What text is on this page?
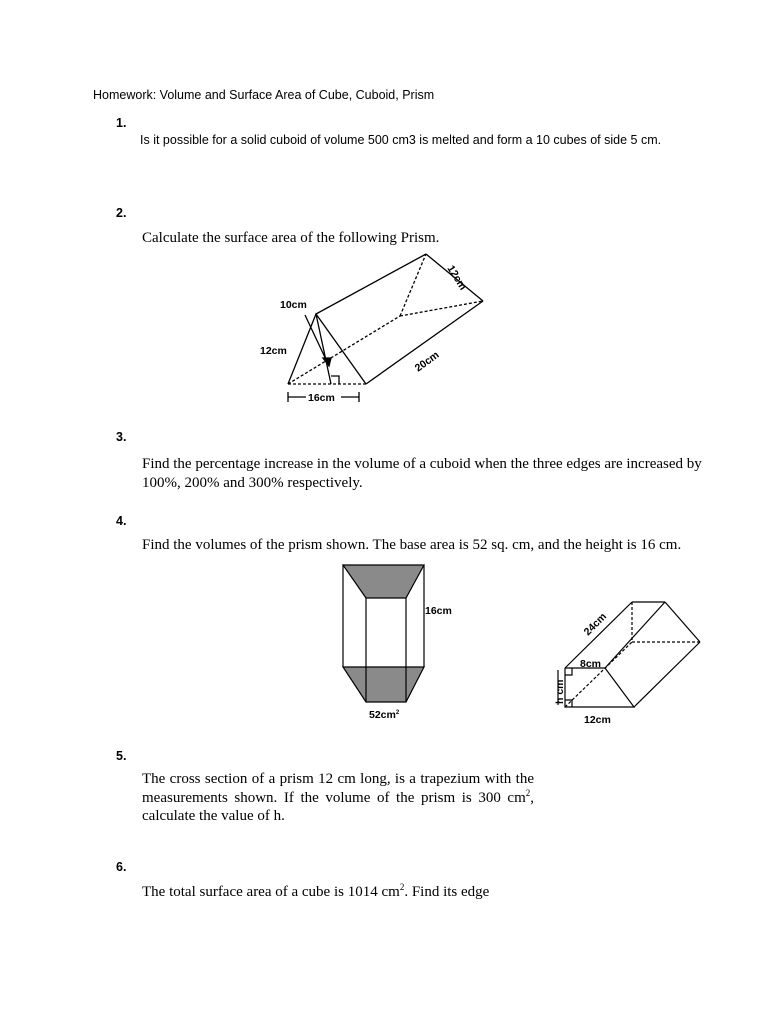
Homework: Volume and Surface Area of Cube, Cuboid, Prism
1.
Is it possible for a solid cuboid of volume 500 cm3 is melted and form a 10 cubes of side 5 cm.
2.
Calculate the surface area of the following Prism.
12cm
10cm
12cm
16cm
20cm
3.
Find the percentage increase in the volume of a cuboid when the three edges are increased by 100%, 200% and 300% respectively.
4.
Find the volumes of the prism shown. The base area is 52 sq. cm, and the height is 16 cm.
16cm
$52cm^2$
24cm
8cm
h cm
12cm
5.
The cross section of a prism 12 cm long, is a trapezium with the measurements shown. If the volume of the prism is 300 $cm^2$, calculate the value of h.
6.
The total surface area of a cube is 1014 $cm^2$. Find its edge
